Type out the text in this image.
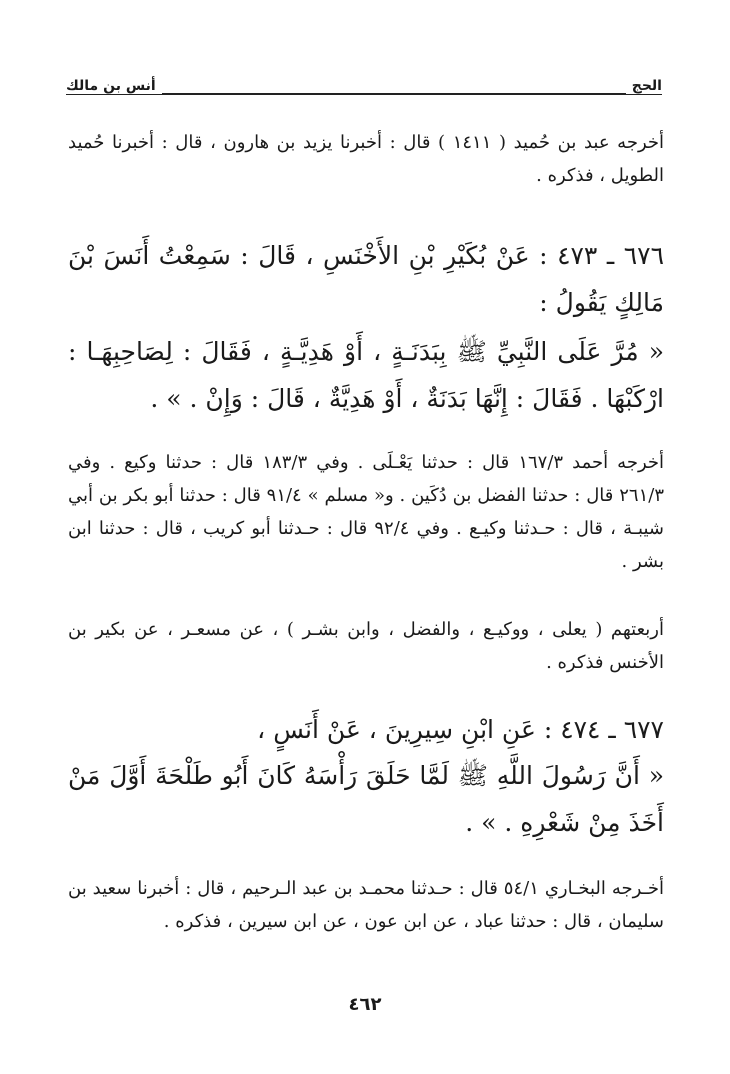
أنس بن مالك	الحج

أخرجه عبد بن حُميد ( ١٤١١ ) قال : أخبرنا يزيد بن هارون ، قال : أخبرنا حُميد الطويل ، فذكره .

٦٧٦ ـ ٤٧٣ : عَنْ بُكَيْرِ بْنِ الأَخْنَسِ ، قَالَ : سَمِعْتُ أَنَسَ بْنَ مَالِكٍ يَقُولُ :

« مُرَّ عَلَى النَّبِيِّ ﷺ بِبَدَنَـةٍ ، أَوْ هَدِيَّـةٍ ، فَقَالَ : لِصَاحِبِهَـا : ارْكَبْهَا . فَقَالَ : إِنَّهَا بَدَنَةٌ ، أَوْ هَدِيَّةٌ ، قَالَ : وَإِنْ . » .

أخرجه أحمد ١٦٧/٣ قال : حدثنا يَعْـلَى . وفي ١٨٣/٣ قال : حدثنا وكيع . وفي ٢٦١/٣ قال : حدثنا الفضل بن دُكَين . و« مسلم » ٩١/٤ قال : حدثنا أبو بكر بن أبي شيبـة ، قال : حـدثنا وكيـع . وفي ٩٢/٤ قال : حـدثنا أبو كريب ، قال : حدثنا ابن بشر .

أربعتهم ( يعلى ، ووكيـع ، والفضل ، وابن بشـر ) ، عن مسعـر ، عن بكير بن الأخنس فذكره .

٦٧٧ ـ ٤٧٤ : عَنِ ابْنِ سِيرِينَ ، عَنْ أَنَسٍ ،

« أَنَّ رَسُولَ اللَّهِ ﷺ لَمَّا حَلَقَ رَأْسَهُ كَانَ أَبُو طَلْحَةَ أَوَّلَ مَنْ أَخَذَ مِنْ شَعْرِهِ . » .

أخـرجه البخـاري ٥٤/١ قال : حـدثنا محمـد بن عبد الـرحيم ، قال : أخبرنا سعيد بن سليمان ، قال : حدثنا عباد ، عن ابن عون ، عن ابن سيرين ، فذكره .

٤٦٢
